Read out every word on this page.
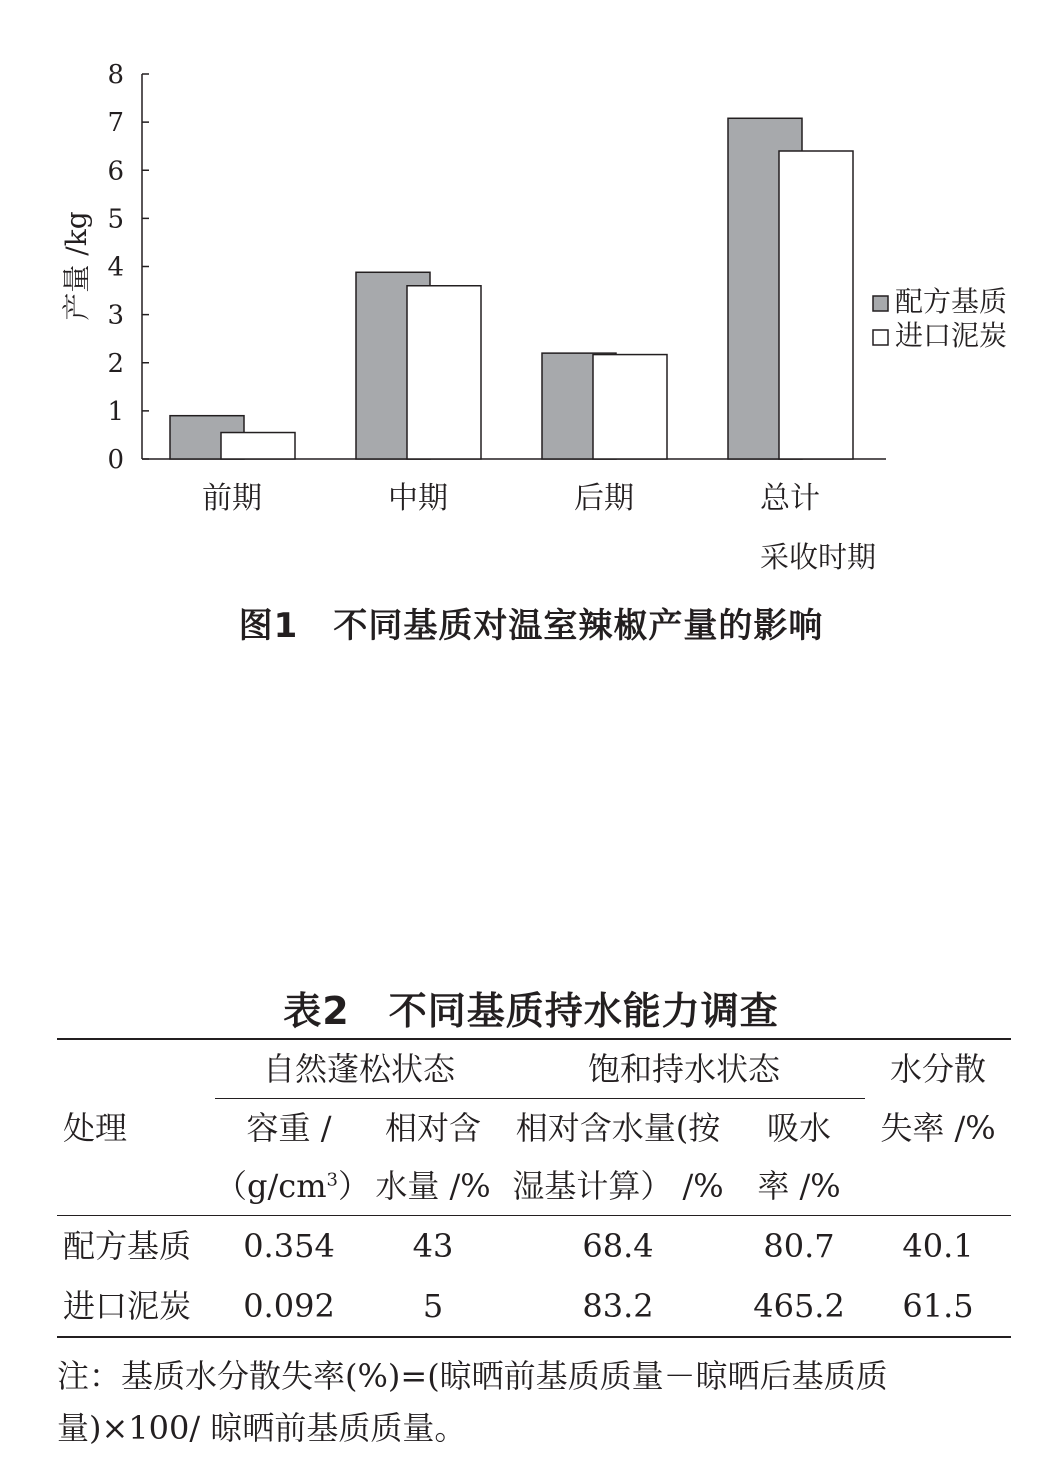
0
1
2
3
4
5
6
7
8
产量 /kg
前期	中期	后期	总计
采收时期
配方基质
进口泥炭
图1　不同基质对温室辣椒产量的影响
表2　不同基质持水能力调查
处理	自然蓬松状态		饱和持水状态		水分散
	容重 /	相对含	相对含水量(按	吸水	失率 /%
	$(g/cm^3)$	水量 /%	湿基计算） /%	率 /%	
配方基质	0.354	43	68.4	80.7	40.1
进口泥炭	0.092	5	83.2	465.2	61.5
注：基质水分散失率(%)=(晾晒前基质质量－晾晒后基质质量)×100/ 晾晒前基质质量。
